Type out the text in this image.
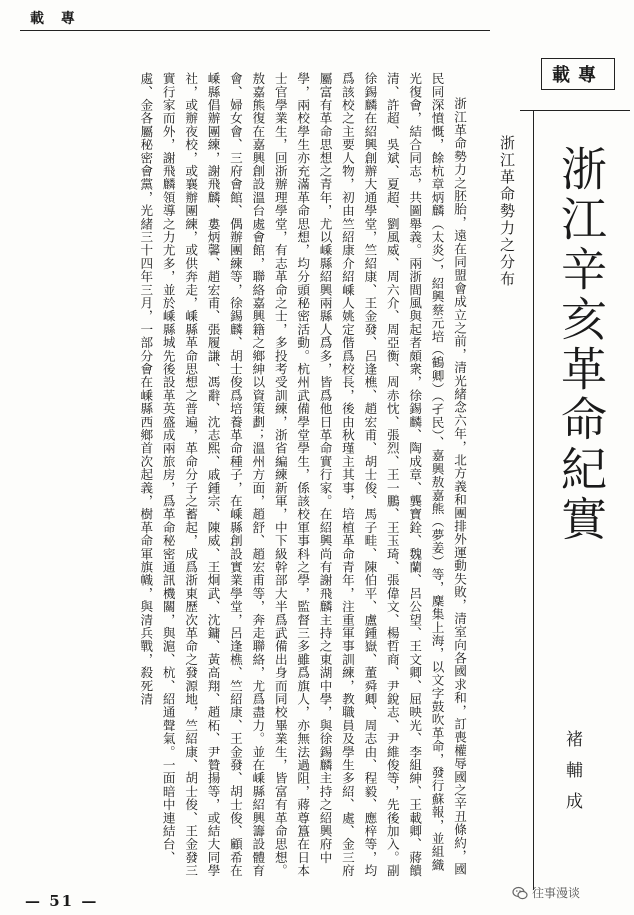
載 專
載專
浙江辛亥革命紀實
浙江革命勢力之分布
褚輔成

浙江革命勢力之胚胎，遠在同盟會成立之前，清光緒念六年，北方義和團排外運動失敗，清室向各國求和，訂喪權辱國之辛丑條約，國民同深憤慨，餘杭章炳麟（太炎），紹興蔡元培（鶴卿）（孑民）、嘉興敖嘉熊（夢姜）等，麇集上海，以文字鼓吹革命，發行蘇報，並組織光復會，結合同志，共圖舉義。兩浙間風與起者頗衆，徐錫麟、陶成章、龔寶銓、魏蘭、呂公望、王文卿、屈映光、李組紳、王載卿、蔣饋清、許超、吳斌、夏超、劉風威、周六介、周亞衡、周赤忱、張烈、王一鵬、王玉琦、張偉文、楊哲商、尹銳志、尹維俊等，先後加入。副徐錫麟在紹興創辦大通學堂，竺紹康、王金發、呂逢樵、趙宏甫、胡士俊、馬子畦、陳伯平、盧鍾嶽、董舜卿、周志由、程毅、應梓等，均爲該校之主要人物，初由竺紹康介紹嵊人姚定偕爲校長，後由秋瑾主其事，培植革命青年，注重軍事訓練，教職員及學生多紹、處、金三府屬富有革命思想之青年，尤以嵊縣紹興兩縣人爲多，皆爲他日革命實行家。在紹興尚有謝飛麟主持之東湖中學，與徐錫麟主持之紹興府中學，兩校學生亦充滿革命思想，均分頭秘密活動。杭州武備學堂學生，係該校軍事科之學，監督三多雖爲旗人，亦無法過阻，蔣尊簋在日本士官學業生，回浙辦理學堂，有志革命之士，多投考受訓練，浙省編練新軍，中下級幹部大半爲武備出身而同校畢業生，皆富有革命思想。敖嘉熊復在嘉興創設溫台處會館，聯絡嘉興籍之鄉紳以資策劃；溫州方面，趙舒、趙宏甫等，奔走聯絡，尤爲盡力。並在嵊縣紹興籌設體育會、婦女會、三府會館、偶辦團練等，徐錫麟、胡士俊爲培養革命種子，在嵊縣創設實業學堂，呂逢樵、竺紹康、王金發、胡士俊、顧希在嵊縣倡辦團練，謝飛麟、婁炳馨、趙宏甫、張履謙、馮辭、沈志熙、戚鍾宗、陳威、王炯武、沈鏞、黃高翔、趙柘、尹贊揚等，或結大同學社，或辦夜校，或襄辦團練，或供奔走，嵊縣革命思想之普遍，革命分子之蓄起，成爲浙東歷次革命之發源地，竺紹康、胡士俊、王金發三實行家而外，謝飛麟領導之力尤多，並於嵊縣城先後設革英盛成兩旅房，爲革命秘密通訊機關，與滬、杭、紹通聲氣。一面暗中連結台、處、金各屬秘密會黨，光緒三十四年三月，一部分會在嵊縣西鄉首次起義，樹革命軍旗幟，與清兵戰，殺死清

— 51 —	往事漫谈
